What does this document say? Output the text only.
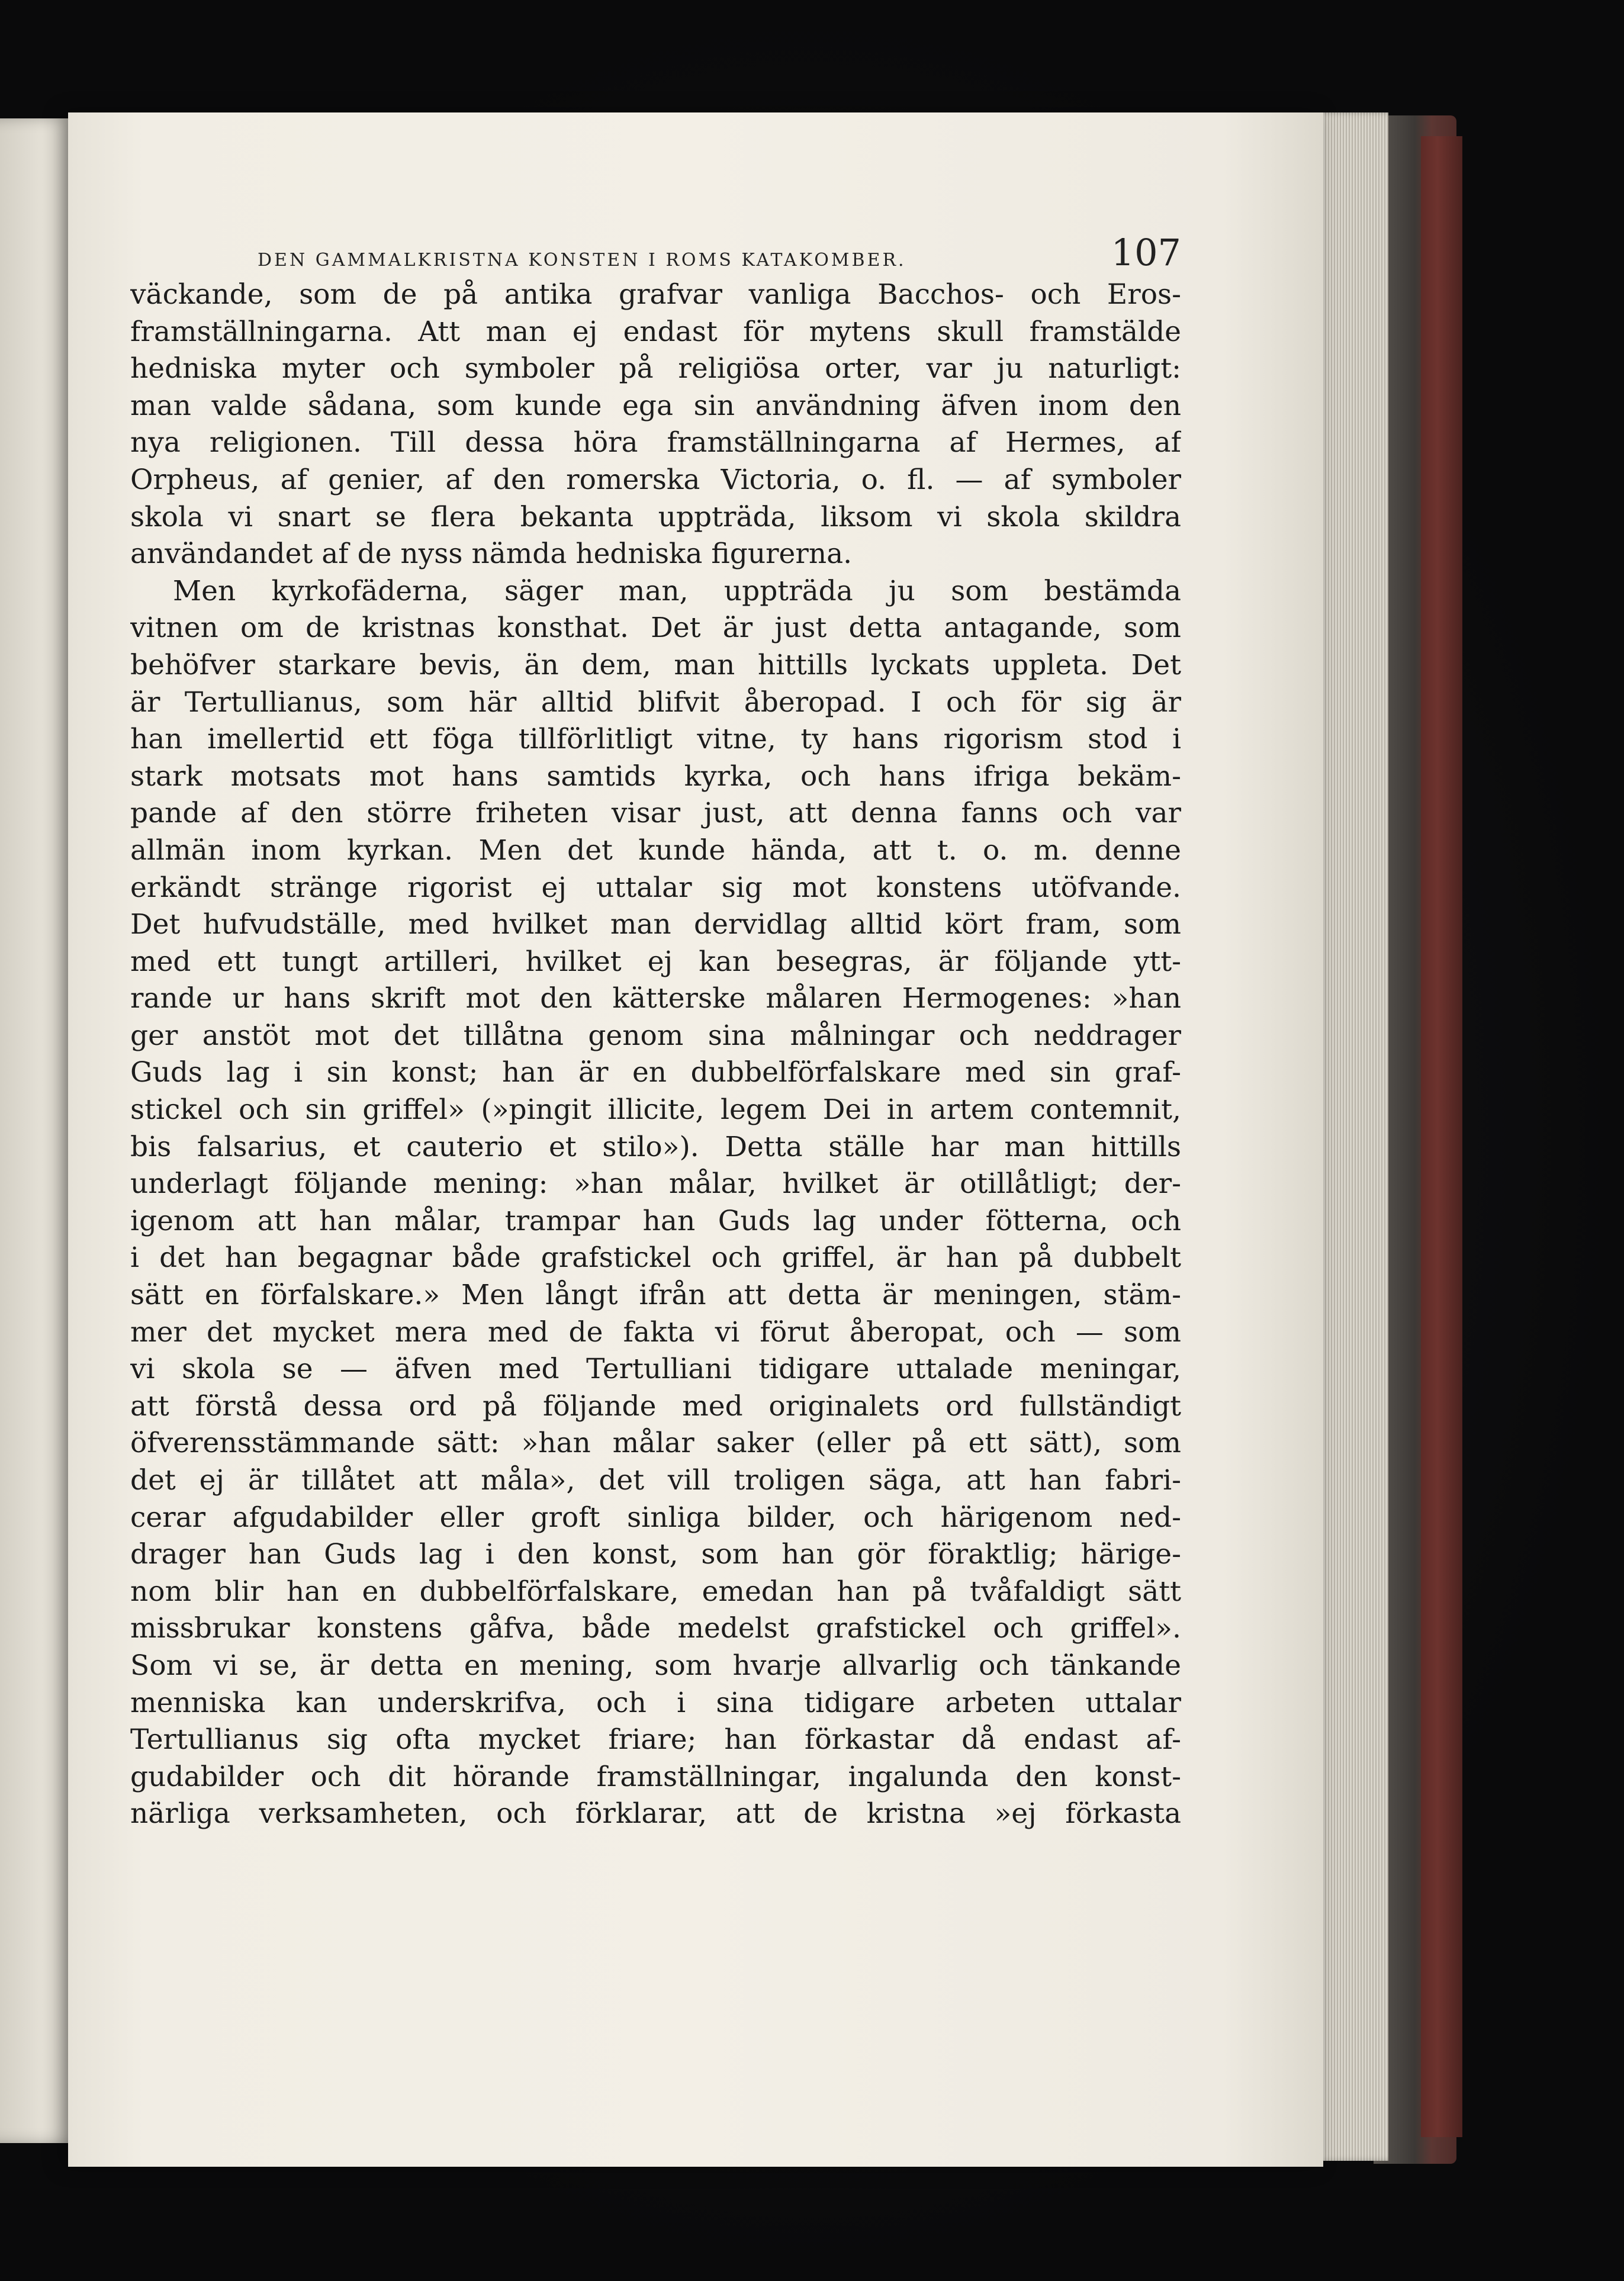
DEN GAMMALKRISTNA KONSTEN I ROMS KATAKOMBER.	107
väckande, som de på antika grafvar vanliga Bacchos- och Eros-
framställningarna. Att man ej endast för mytens skull framstälde
hedniska myter och symboler på religiösa orter, var ju naturligt:
man valde sådana, som kunde ega sin användning äfven inom den
nya religionen. Till dessa höra framställningarna af Hermes, af
Orpheus, af genier, af den romerska Victoria, o. fl. — af symboler
skola vi snart se flera bekanta uppträda, liksom vi skola skildra
användandet af de nyss nämda hedniska figurerna.
Men kyrkofäderna, säger man, uppträda ju som bestämda
vitnen om de kristnas konsthat. Det är just detta antagande, som
behöfver starkare bevis, än dem, man hittills lyckats uppleta. Det
är Tertullianus, som här alltid blifvit åberopad. I och för sig är
han imellertid ett föga tillförlitligt vitne, ty hans rigorism stod i
stark motsats mot hans samtids kyrka, och hans ifriga bekäm-
pande af den större friheten visar just, att denna fanns och var
allmän inom kyrkan. Men det kunde hända, att t. o. m. denne
erkändt stränge rigorist ej uttalar sig mot konstens utöfvande.
Det hufvudställe, med hvilket man dervidlag alltid kört fram, som
med ett tungt artilleri, hvilket ej kan besegras, är följande ytt-
rande ur hans skrift mot den kätterske målaren Hermogenes: »han
ger anstöt mot det tillåtna genom sina målningar och neddrager
Guds lag i sin konst; han är en dubbelförfalskare med sin graf-
stickel och sin griffel» (»pingit illicite, legem Dei in artem contemnit,
bis falsarius, et cauterio et stilo»). Detta ställe har man hittills
underlagt följande mening: »han målar, hvilket är otillåtligt; der-
igenom att han målar, trampar han Guds lag under fötterna, och
i det han begagnar både grafstickel och griffel, är han på dubbelt
sätt en förfalskare.» Men långt ifrån att detta är meningen, stäm-
mer det mycket mera med de fakta vi förut åberopat, och — som
vi skola se — äfven med Tertulliani tidigare uttalade meningar,
att förstå dessa ord på följande med originalets ord fullständigt
öfverensstämmande sätt: »han målar saker (eller på ett sätt), som
det ej är tillåtet att måla», det vill troligen säga, att han fabri-
cerar afgudabilder eller groft sinliga bilder, och härigenom ned-
drager han Guds lag i den konst, som han gör föraktlig; härige-
nom blir han en dubbelförfalskare, emedan han på tvåfaldigt sätt
missbrukar konstens gåfva, både medelst grafstickel och griffel».
Som vi se, är detta en mening, som hvarje allvarlig och tänkande
menniska kan underskrifva, och i sina tidigare arbeten uttalar
Tertullianus sig ofta mycket friare; han förkastar då endast af-
gudabilder och dit hörande framställningar, ingalunda den konst-
närliga verksamheten, och förklarar, att de kristna »ej förkasta
